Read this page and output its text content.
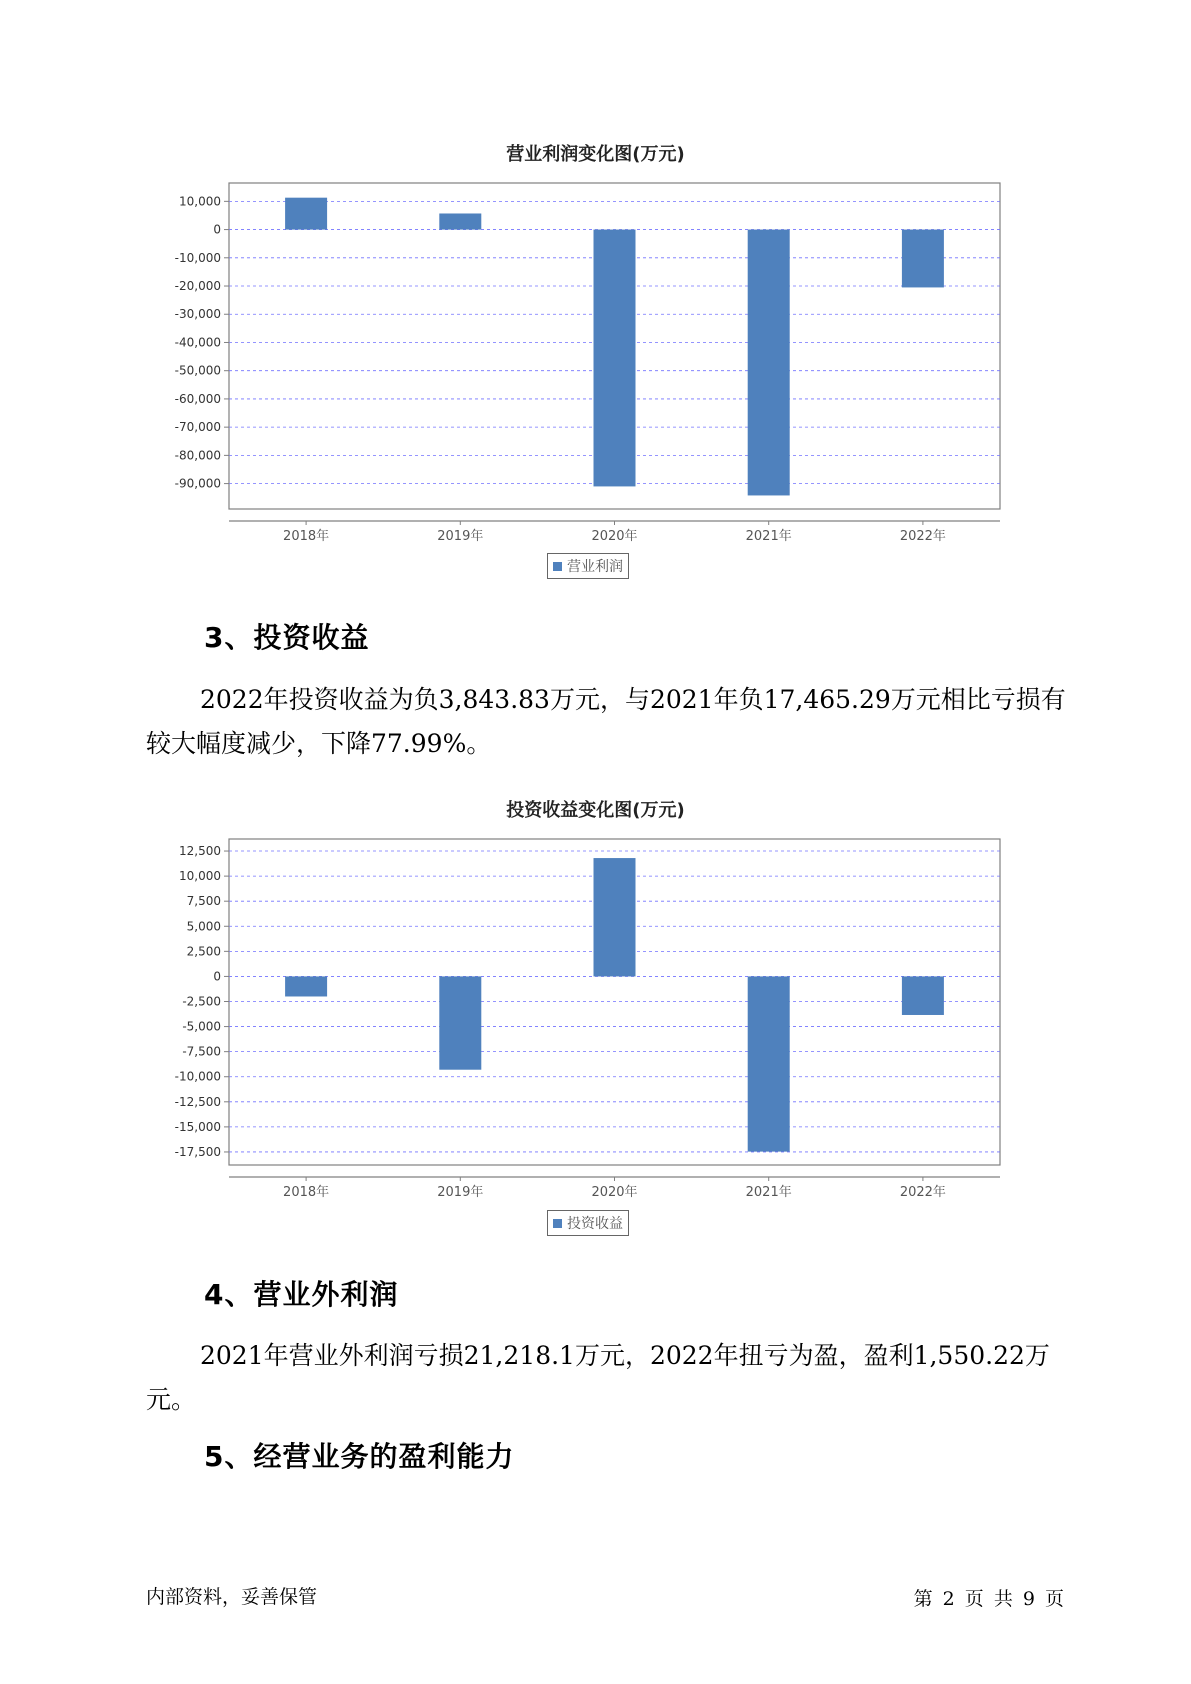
营业利润变化图(万元)
10,000
0
-10,000
-20,000
-30,000
-40,000
-50,000
-60,000
-70,000
-80,000
-90,000
2018年	2019年	2020年	2021年	2022年
营业利润
3、投资收益

2022年投资收益为负3,843.83万元，与2021年负17,465.29万元相比亏损有较大幅度减少，下降77.99%。

投资收益变化图(万元)
12,500
10,000
7,500
5,000
2,500
0
-2,500
-5,000
-7,500
-10,000
-12,500
-15,000
-17,500
2018年	2019年	2020年	2021年	2022年
投资收益
4、营业外利润

2021年营业外利润亏损21,218.1万元，2022年扭亏为盈，盈利1,550.22万元。

5、经营业务的盈利能力
内部资料，妥善保管	第 2 页 共 9 页
